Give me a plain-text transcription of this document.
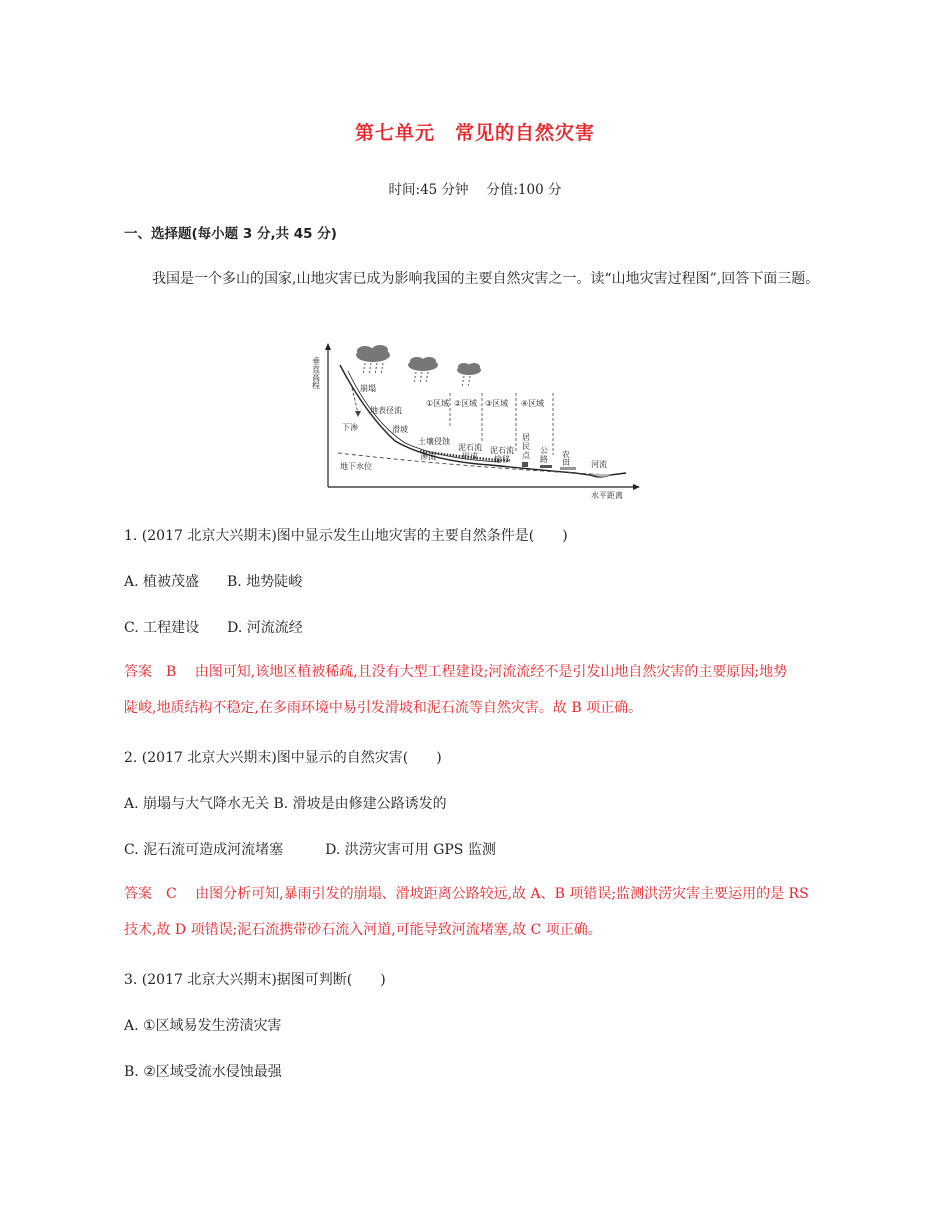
第七单元　常见的自然灾害
时间:45 分钟　 分值:100 分
一、选择题(每小题 3 分,共 45 分)
我国是一个多山的国家,山地灾害已成为影响我国的主要自然灾害之一。读“山地灾害过程图”,回答下面三题。
垂直高程
水平距离
崩塌
地表径流
下渗	滑坡
土壤侵蚀
泥石流
形成
泥石流
输移
渗流
地下水位
①区域 ②区域 ③区域 ④区域
居
民
点
公
路
农
田	河流
1. (2017 北京大兴期末)图中显示发生山地灾害的主要自然条件是(　　)
A. 植被茂盛　　B. 地势陡峻
C. 工程建设　　D. 河流流经
答案　B　 由图可知,该地区植被稀疏,且没有大型工程建设;河流流经不是引发山地自然灾害的主要原因;地势
陡峻,地质结构不稳定,在多雨环境中易引发滑坡和泥石流等自然灾害。故 B 项正确。
2. (2017 北京大兴期末)图中显示的自然灾害(　　)
A. 崩塌与大气降水无关 B. 滑坡是由修建公路诱发的
C. 泥石流可造成河流堵塞　　　D. 洪涝灾害可用 GPS 监测
答案　C　 由图分析可知,暴雨引发的崩塌、滑坡距离公路较远,故 A、B 项错误;监测洪涝灾害主要运用的是 RS
技术,故 D 项错误;泥石流携带砂石流入河道,可能导致河流堵塞,故 C 项正确。
3. (2017 北京大兴期末)据图可判断(　　)
A. ①区域易发生涝渍灾害
B. ②区域受流水侵蚀最强
